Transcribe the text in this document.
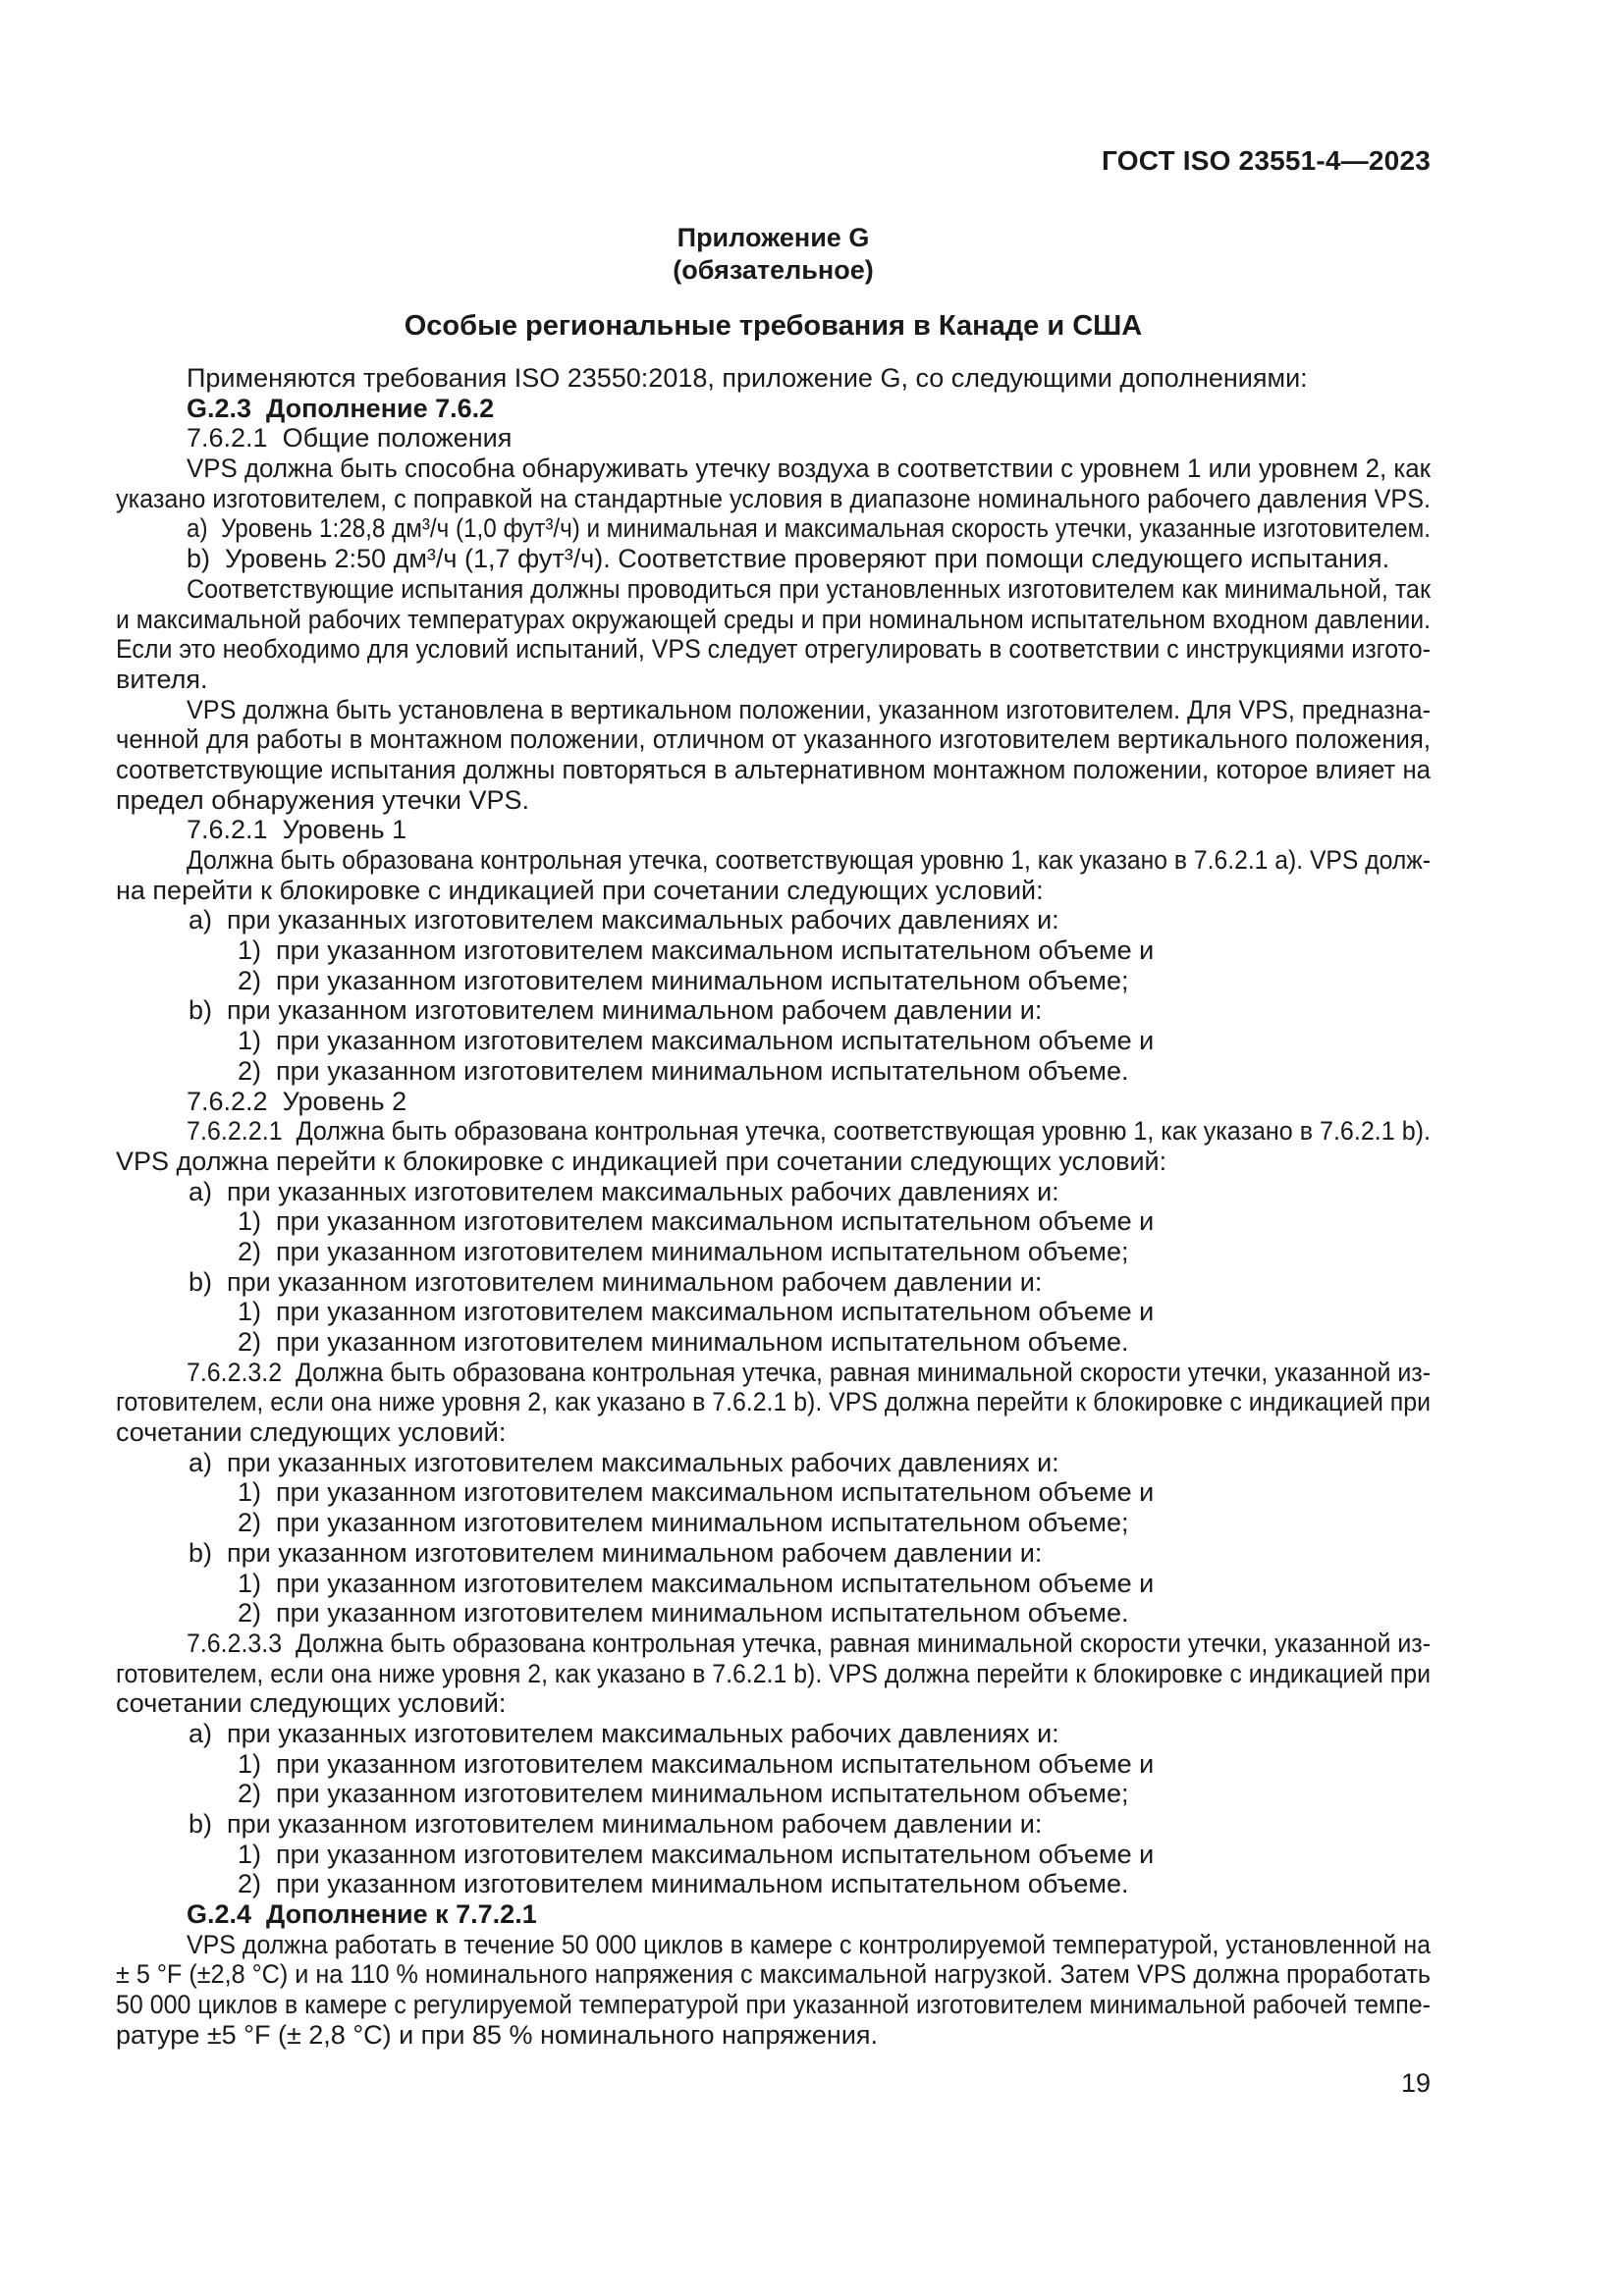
ГОСТ ISO 23551-4—2023
Приложение G
(обязательное)
Особые региональные требования в Канаде и США
Применяются требования ISO 23550:2018, приложение G, со следующими дополнениями:
G.2.3  Дополнение 7.6.2
7.6.2.1  Общие положения
VPS должна быть способна обнаруживать утечку воздуха в соответствии с уровнем 1 или уровнем 2, как
указано изготовителем, с поправкой на стандартные условия в диапазоне номинального рабочего давления VPS.
a)  Уровень 1:28,8 дм³/ч (1,0 фут³/ч) и минимальная и максимальная скорость утечки, указанные изготовителем.
b)  Уровень 2:50 дм³/ч (1,7 фут³/ч). Соответствие проверяют при помощи следующего испытания.
Соответствующие испытания должны проводиться при установленных изготовителем как минимальной, так
и максимальной рабочих температурах окружающей среды и при номинальном испытательном входном давлении.
Если это необходимо для условий испытаний, VPS следует отрегулировать в соответствии с инструкциями изгото-
вителя.
VPS должна быть установлена в вертикальном положении, указанном изготовителем. Для VPS, предназна-
ченной для работы в монтажном положении, отличном от указанного изготовителем вертикального положения,
соответствующие испытания должны повторяться в альтернативном монтажном положении, которое влияет на
предел обнаружения утечки VPS.
7.6.2.1  Уровень 1
Должна быть образована контрольная утечка, соответствующая уровню 1, как указано в 7.6.2.1 a). VPS долж-
на перейти к блокировке с индикацией при сочетании следующих условий:
a)  при указанных изготовителем максимальных рабочих давлениях и:
1)  при указанном изготовителем максимальном испытательном объеме и
2)  при указанном изготовителем минимальном испытательном объеме;
b)  при указанном изготовителем минимальном рабочем давлении и:
1)  при указанном изготовителем максимальном испытательном объеме и
2)  при указанном изготовителем минимальном испытательном объеме.
7.6.2.2  Уровень 2
7.6.2.2.1  Должна быть образована контрольная утечка, соответствующая уровню 1, как указано в 7.6.2.1 b).
VPS должна перейти к блокировке с индикацией при сочетании следующих условий:
a)  при указанных изготовителем максимальных рабочих давлениях и:
1)  при указанном изготовителем максимальном испытательном объеме и
2)  при указанном изготовителем минимальном испытательном объеме;
b)  при указанном изготовителем минимальном рабочем давлении и:
1)  при указанном изготовителем максимальном испытательном объеме и
2)  при указанном изготовителем минимальном испытательном объеме.
7.6.2.3.2  Должна быть образована контрольная утечка, равная минимальной скорости утечки, указанной из-
готовителем, если она ниже уровня 2, как указано в 7.6.2.1 b). VPS должна перейти к блокировке с индикацией при
сочетании следующих условий:
a)  при указанных изготовителем максимальных рабочих давлениях и:
1)  при указанном изготовителем максимальном испытательном объеме и
2)  при указанном изготовителем минимальном испытательном объеме;
b)  при указанном изготовителем минимальном рабочем давлении и:
1)  при указанном изготовителем максимальном испытательном объеме и
2)  при указанном изготовителем минимальном испытательном объеме.
7.6.2.3.3  Должна быть образована контрольная утечка, равная минимальной скорости утечки, указанной из-
готовителем, если она ниже уровня 2, как указано в 7.6.2.1 b). VPS должна перейти к блокировке с индикацией при
сочетании следующих условий:
a)  при указанных изготовителем максимальных рабочих давлениях и:
1)  при указанном изготовителем максимальном испытательном объеме и
2)  при указанном изготовителем минимальном испытательном объеме;
b)  при указанном изготовителем минимальном рабочем давлении и:
1)  при указанном изготовителем максимальном испытательном объеме и
2)  при указанном изготовителем минимальном испытательном объеме.
G.2.4  Дополнение к 7.7.2.1
VPS должна работать в течение 50 000 циклов в камере с контролируемой температурой, установленной на
± 5 °F (±2,8 °C) и на 110 % номинального напряжения с максимальной нагрузкой. Затем VPS должна проработать
50 000 циклов в камере с регулируемой температурой при указанной изготовителем минимальной рабочей темпе-
ратуре ±5 °F (± 2,8 °C) и при 85 % номинального напряжения.
19
